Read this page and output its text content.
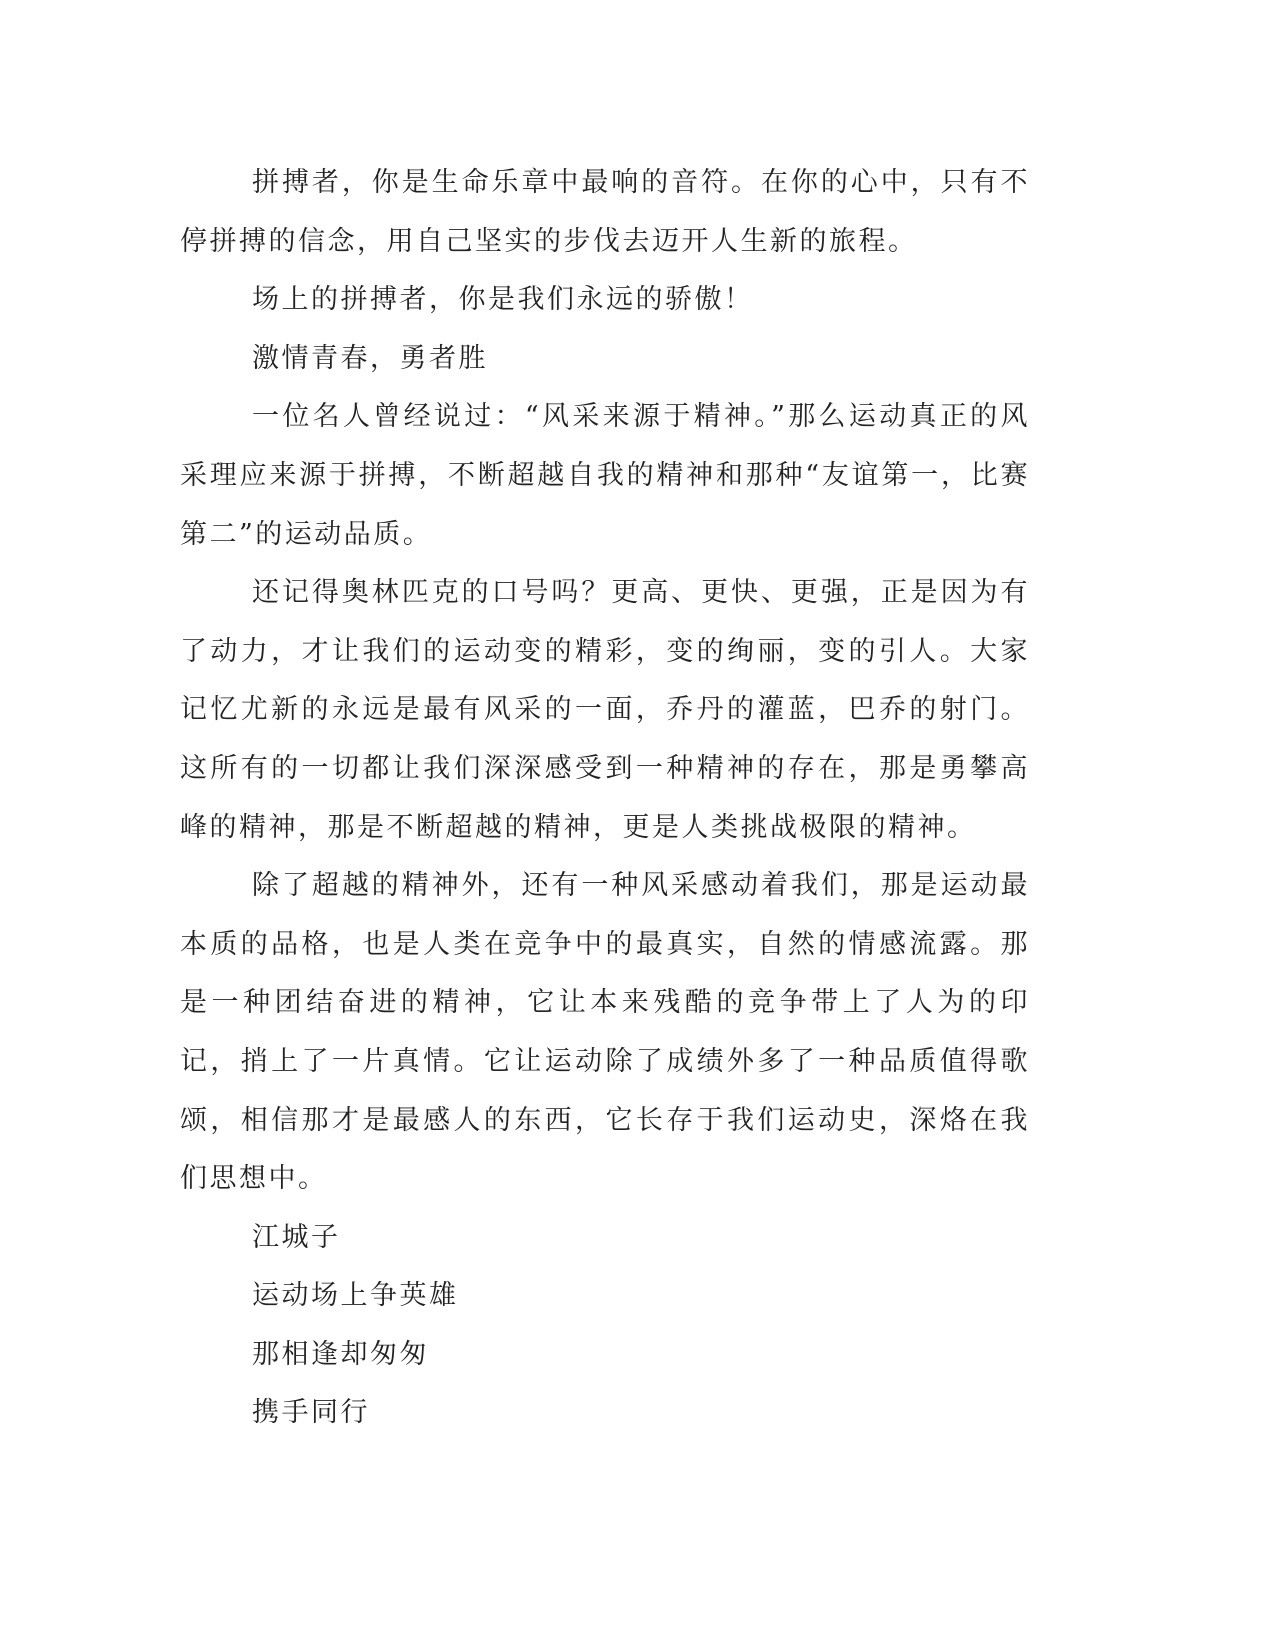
拼搏者，你是生命乐章中最响的音符。在你的心中，只有不停拼搏的信念，用自己坚实的步伐去迈开人生新的旅程。

场上的拼搏者，你是我们永远的骄傲！

激情青春，勇者胜

一位名人曾经说过：“风采来源于精神。”那么运动真正的风采理应来源于拼搏，不断超越自我的精神和那种“友谊第一，比赛第二”的运动品质。

还记得奥林匹克的口号吗？更高、更快、更强，正是因为有了动力，才让我们的运动变的精彩，变的绚丽，变的引人。大家记忆尤新的永远是最有风采的一面，乔丹的灌蓝，巴乔的射门。这所有的一切都让我们深深感受到一种精神的存在，那是勇攀高峰的精神，那是不断超越的精神，更是人类挑战极限的精神。

除了超越的精神外，还有一种风采感动着我们，那是运动最本质的品格，也是人类在竞争中的最真实，自然的情感流露。那是一种团结奋进的精神，它让本来残酷的竞争带上了人为的印记，捎上了一片真情。它让运动除了成绩外多了一种品质值得歌颂，相信那才是最感人的东西，它长存于我们运动史，深烙在我们思想中。

江城子

运动场上争英雄

那相逢却匆匆

携手同行
